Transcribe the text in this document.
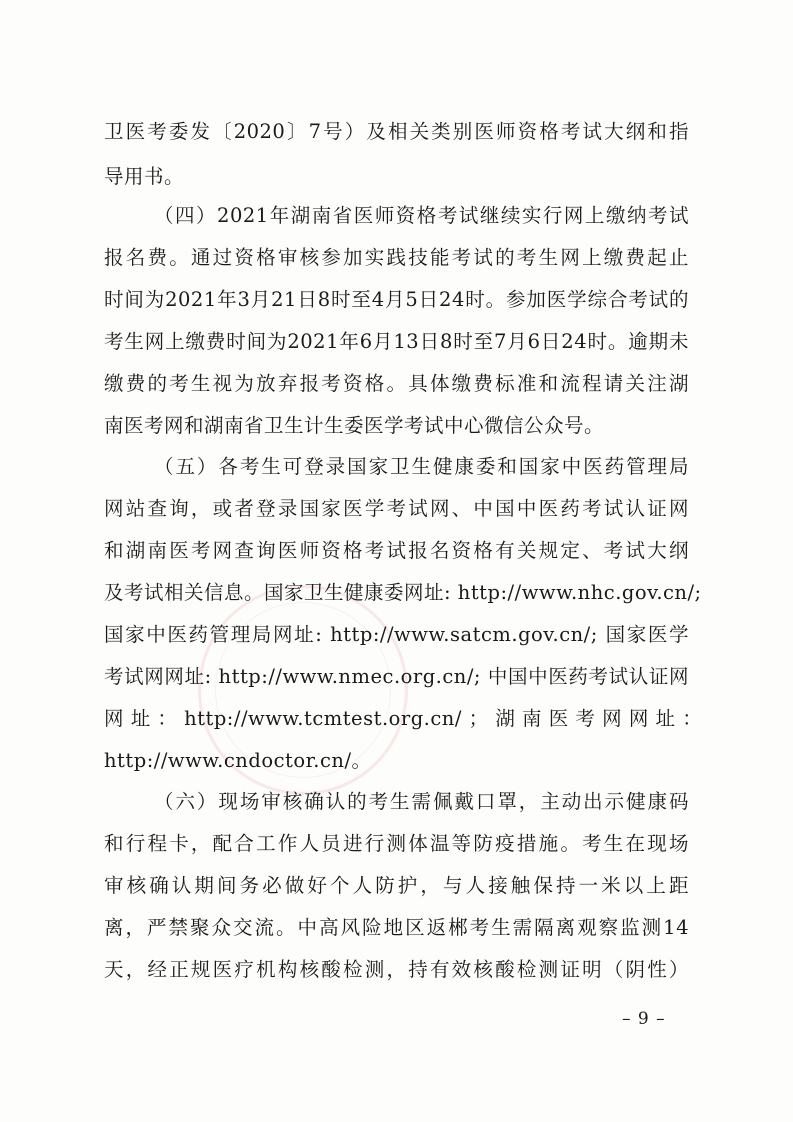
卫医考委发〔2020〕7号）及相关类别医师资格考试大纲和指
导用书。
（四）2021年湖南省医师资格考试继续实行网上缴纳考试
报名费。通过资格审核参加实践技能考试的考生网上缴费起止
时间为2021年3月21日8时至4月5日24时。参加医学综合考试的
考生网上缴费时间为2021年6月13日8时至7月6日24时。逾期未
缴费的考生视为放弃报考资格。具体缴费标准和流程请关注湖
南医考网和湖南省卫生计生委医学考试中心微信公众号。
（五）各考生可登录国家卫生健康委和国家中医药管理局
网站查询，或者登录国家医学考试网、中国中医药考试认证网
和湖南医考网查询医师资格考试报名资格有关规定、考试大纲
及考试相关信息。国家卫生健康委网址: http://www.nhc.gov.cn/;
国家中医药管理局网址: http://www.satcm.gov.cn/; 国家医学
考试网网址: http://www.nmec.org.cn/; 中国中医药考试认证网
网 址 ： http://www.tcmtest.org.cn/ ； 湖 南 医 考 网 网 址 ：
http://www.cndoctor.cn/。
（六）现场审核确认的考生需佩戴口罩，主动出示健康码
和行程卡，配合工作人员进行测体温等防疫措施。考生在现场
审核确认期间务必做好个人防护，与人接触保持一米以上距
离，严禁聚众交流。中高风险地区返郴考生需隔离观察监测14
天，经正规医疗机构核酸检测，持有效核酸检测证明（阴性）
– 9 –
